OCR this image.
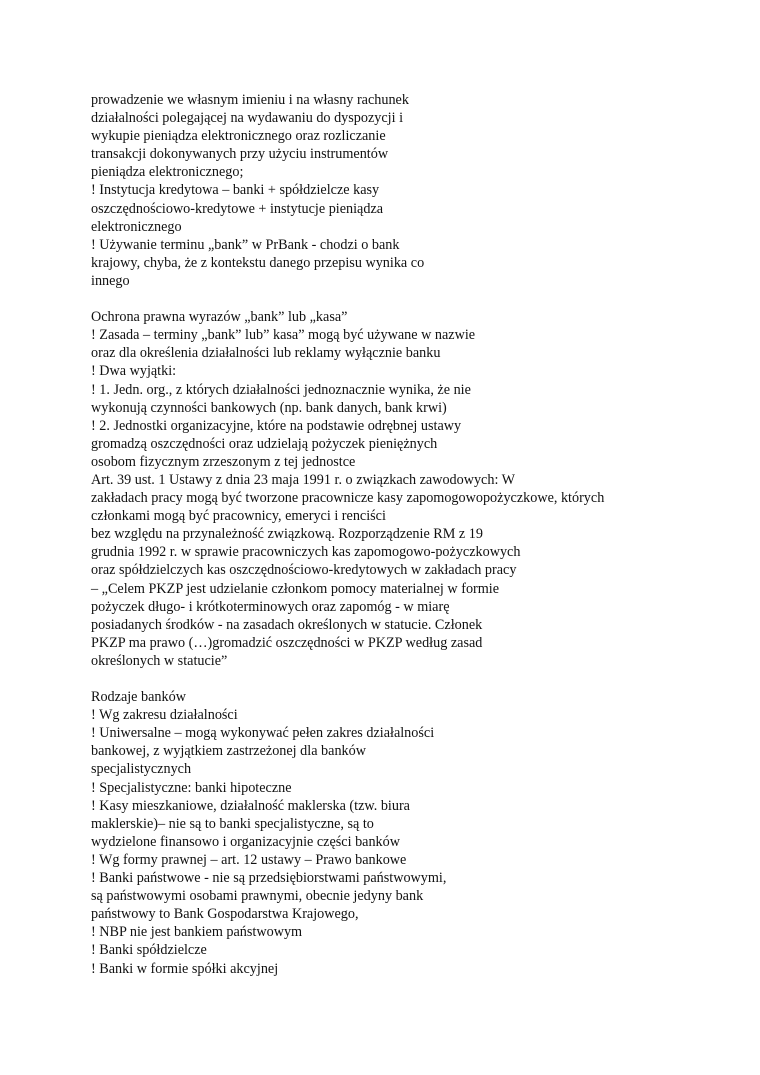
prowadzenie we własnym imieniu i na własny rachunek
działalności polegającej na wydawaniu do dyspozycji i
wykupie pieniądza elektronicznego oraz rozliczanie
transakcji dokonywanych przy użyciu instrumentów
pieniądza elektronicznego;
! Instytucja kredytowa – banki + spółdzielcze kasy
oszczędnościowo-kredytowe + instytucje pieniądza
elektronicznego
! Używanie terminu „bank” w PrBank - chodzi o bank
krajowy, chyba, że z kontekstu danego przepisu wynika co
innego
Ochrona prawna wyrazów „bank” lub „kasa”
! Zasada – terminy „bank” lub” kasa” mogą być używane w nazwie
oraz dla określenia działalności lub reklamy wyłącznie banku
! Dwa wyjątki:
! 1. Jedn. org., z których działalności jednoznacznie wynika, że nie
wykonują czynności bankowych (np. bank danych, bank krwi)
! 2. Jednostki organizacyjne, które na podstawie odrębnej ustawy
gromadzą oszczędności oraz udzielają pożyczek pieniężnych
osobom fizycznym zrzeszonym z tej jednostce
Art. 39 ust. 1 Ustawy z dnia 23 maja 1991 r. o związkach zawodowych: W
zakładach pracy mogą być tworzone pracownicze kasy zapomogowopożyczkowe, których
członkami mogą być pracownicy, emeryci i renciści
bez względu na przynależność związkową. Rozporządzenie RM z 19
grudnia 1992 r. w sprawie pracowniczych kas zapomogowo-pożyczkowych
oraz spółdzielczych kas oszczędnościowo-kredytowych w zakładach pracy
– „Celem PKZP jest udzielanie członkom pomocy materialnej w formie
pożyczek długo- i krótkoterminowych oraz zapomóg - w miarę
posiadanych środków - na zasadach określonych w statucie. Członek
PKZP ma prawo (…)gromadzić oszczędności w PKZP według zasad
określonych w statucie”
Rodzaje banków
! Wg zakresu działalności
! Uniwersalne – mogą wykonywać pełen zakres działalności
bankowej, z wyjątkiem zastrzeżonej dla banków
specjalistycznych
! Specjalistyczne: banki hipoteczne
! Kasy mieszkaniowe, działalność maklerska (tzw. biura
maklerskie)– nie są to banki specjalistyczne, są to
wydzielone finansowo i organizacyjnie części banków
! Wg formy prawnej – art. 12 ustawy – Prawo bankowe
! Banki państwowe - nie są przedsiębiorstwami państwowymi,
są państwowymi osobami prawnymi, obecnie jedyny bank
państwowy to Bank Gospodarstwa Krajowego,
! NBP nie jest bankiem państwowym
! Banki spółdzielcze
! Banki w formie spółki akcyjnej
